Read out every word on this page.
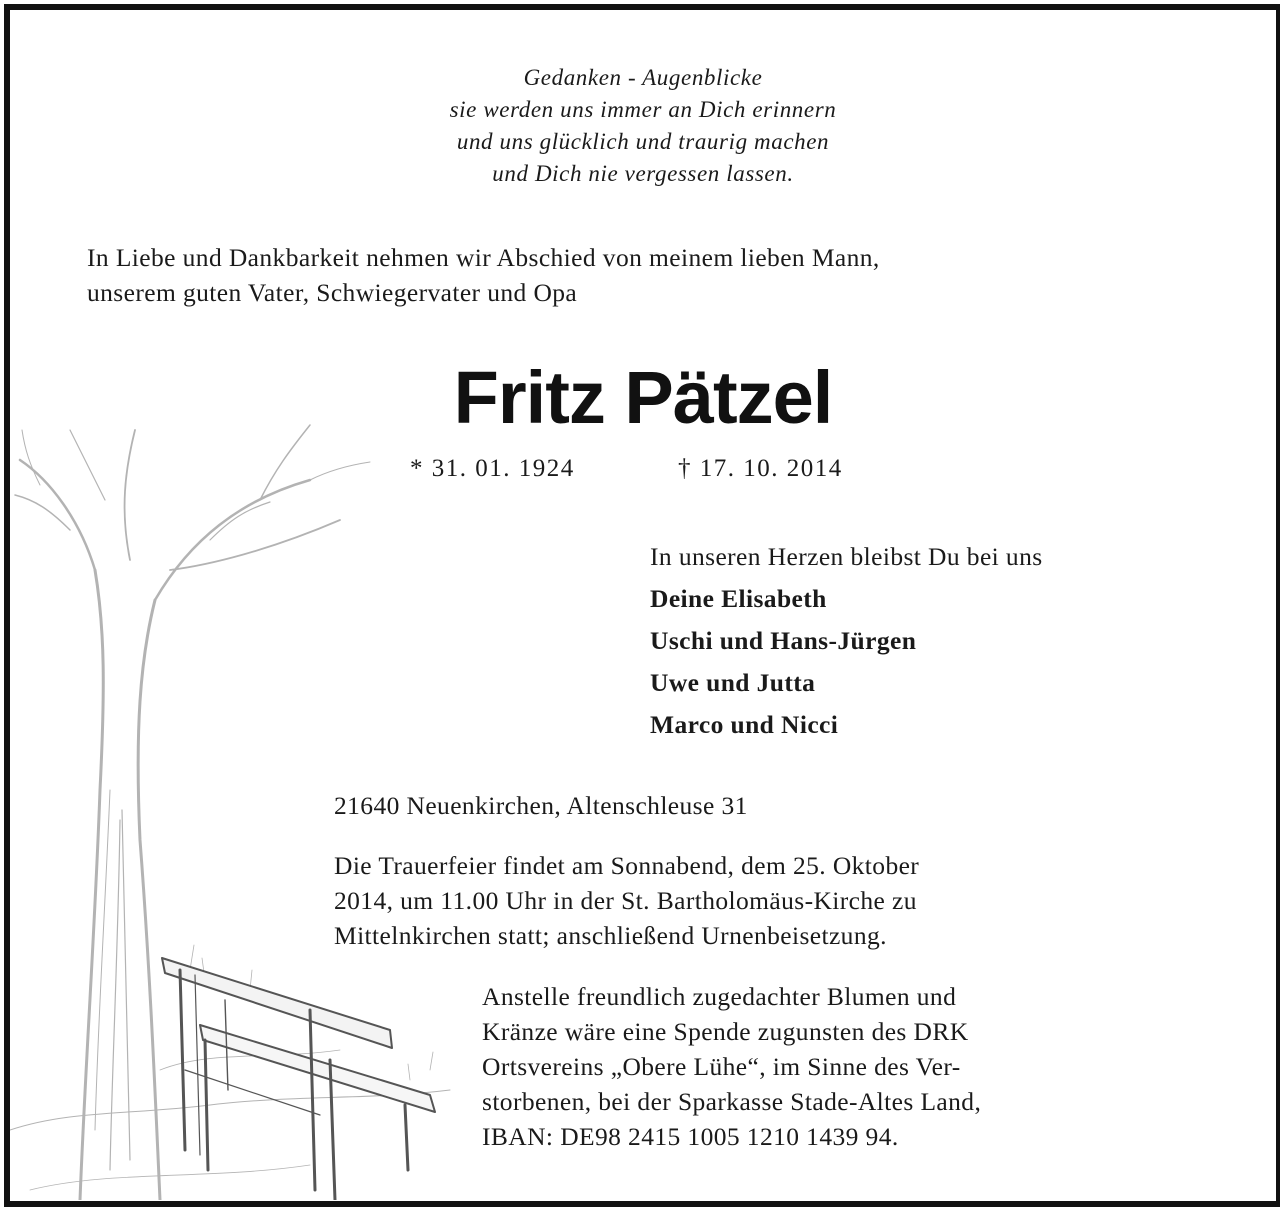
Gedanken - Augenblicke
sie werden uns immer an Dich erinnern
und uns glücklich und traurig machen
und Dich nie vergessen lassen.
In Liebe und Dankbarkeit nehmen wir Abschied von meinem lieben Mann,
unserem guten Vater, Schwiegervater und Opa
Fritz Pätzel
* 31. 01. 1924	† 17. 10. 2014
In unseren Herzen bleibst Du bei uns
Deine Elisabeth
Uschi und Hans-Jürgen
Uwe und Jutta
Marco und Nicci
21640 Neuenkirchen, Altenschleuse 31
Die Trauerfeier findet am Sonnabend, dem 25. Oktober
2014, um 11.00 Uhr in der St. Bartholomäus-Kirche zu
Mittelnkirchen statt; anschließend Urnenbeisetzung.
Anstelle freundlich zugedachter Blumen und
Kränze wäre eine Spende zugunsten des DRK
Ortsvereins „Obere Lühe“, im Sinne des Ver-
storbenen, bei der Sparkasse Stade-Altes Land,
IBAN: DE98 2415 1005 1210 1439 94.
